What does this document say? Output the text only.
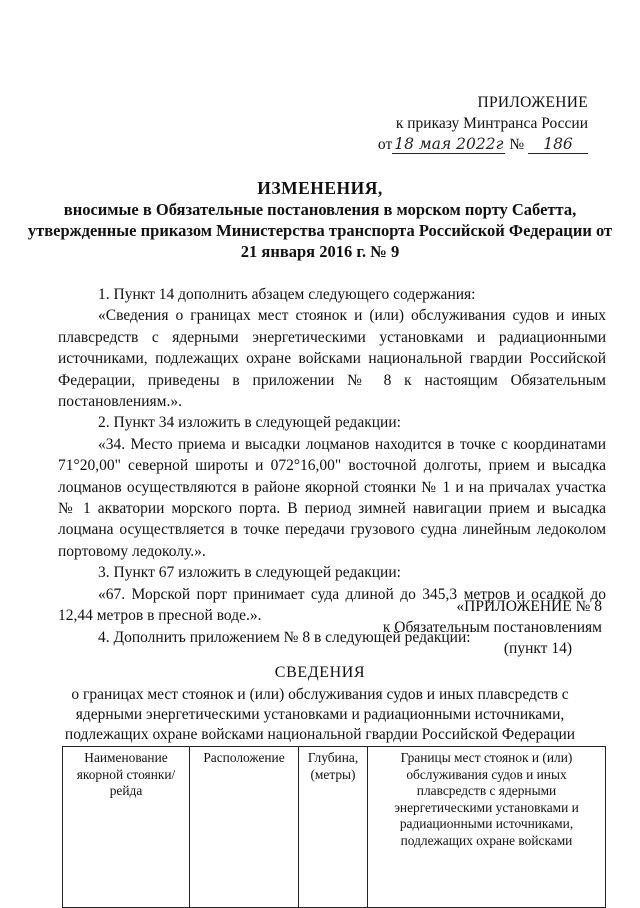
ПРИЛОЖЕНИЕ
к приказу Минтранса России
от 18 мая 2022г № 186
ИЗМЕНЕНИЯ,
вносимые в Обязательные постановления в морском порту Сабетта,
утвержденные приказом Министерства транспорта Российской Федерации от
21 января 2016 г. № 9

1. Пункт 14 дополнить абзацем следующего содержания:

«Сведения о границах мест стоянок и (или) обслуживания судов и иных плавсредств с ядерными энергетическими установками и радиационными источниками, подлежащих охране войсками национальной гвардии Российской Федерации, приведены в приложении № 8 к настоящим Обязательным постановлениям.».

2. Пункт 34 изложить в следующей редакции:

«34. Место приема и высадки лоцманов находится в точке с координатами 71°20,00" северной широты и 072°16,00" восточной долготы, прием и высадка лоцманов осуществляются в районе якорной стоянки № 1 и на причалах участка № 1 акватории морского порта. В период зимней навигации прием и высадка лоцмана осуществляется в точке передачи грузового судна линейным ледоколом портовому ледоколу.».

3. Пункт 67 изложить в следующей редакции:

«67. Морской порт принимает суда длиной до 345,3 метров и осадкой до 12,44 метров в пресной воде.».

4. Дополнить приложением № 8 в следующей редакции:

«ПРИЛОЖЕНИЕ № 8
к Обязательным постановлениям
(пункт 14)
СВЕДЕНИЯ
о границах мест стоянок и (или) обслуживания судов и иных плавсредств с
ядерными энергетическими установками и радиационными источниками,
подлежащих охране войсками национальной гвардии Российской Федерации
Наименование якорной стоянки/рейда	Расположение	Глубина, (метры)	Границы мест стоянок и (или) обслуживания судов и иных плавсредств с ядерными энергетическими установками и радиационными источниками, подлежащих охране войсками
